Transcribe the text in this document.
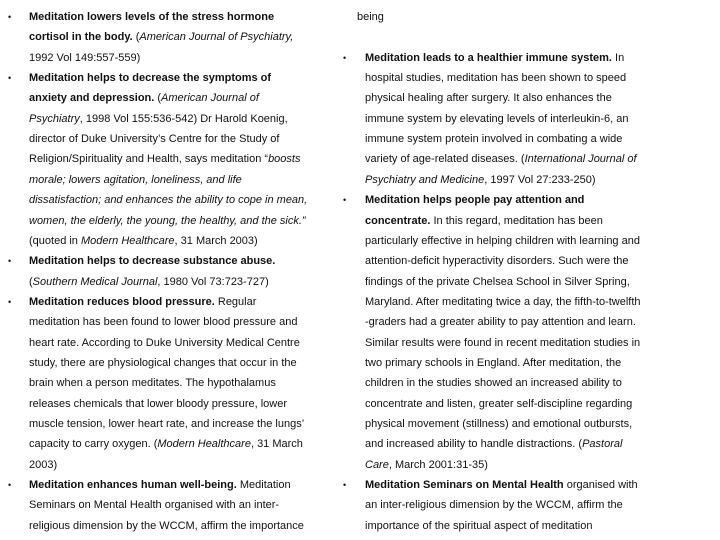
• Meditation lowers levels of the stress hormone
cortisol in the body. (American Journal of Psychiatry,
1992 Vol 149:557-559)
• Meditation helps to decrease the symptoms of
anxiety and depression. (American Journal of
Psychiatry, 1998 Vol 155:536-542) Dr Harold Koenig,
director of Duke University’s Centre for the Study of
Religion/Spirituality and Health, says meditation “boosts
morale; lowers agitation, loneliness, and life
dissatisfaction; and enhances the ability to cope in mean,
women, the elderly, the young, the healthy, and the sick.”
(quoted in Modern Healthcare, 31 March 2003)
• Meditation helps to decrease substance abuse.
(Southern Medical Journal, 1980 Vol 73:723-727)
• Meditation reduces blood pressure. Regular
meditation has been found to lower blood pressure and
heart rate. According to Duke University Medical Centre
study, there are physiological changes that occur in the
brain when a person meditates. The hypothalamus
releases chemicals that lower bloody pressure, lower
muscle tension, lower heart rate, and increase the lungs’
capacity to carry oxygen. (Modern Healthcare, 31 March
2003)
• Meditation enhances human well-being. Meditation
Seminars on Mental Health organised with an inter-
religious dimension by the WCCM, affirm the importance
being
• Meditation leads to a healthier immune system. In
hospital studies, meditation has been shown to speed
physical healing after surgery. It also enhances the
immune system by elevating levels of interleukin-6, an
immune system protein involved in combating a wide
variety of age-related diseases. (International Journal of
Psychiatry and Medicine, 1997 Vol 27:233-250)
• Meditation helps people pay attention and
concentrate. In this regard, meditation has been
particularly effective in helping children with learning and
attention-deficit hyperactivity disorders. Such were the
findings of the private Chelsea School in Silver Spring,
Maryland. After meditating twice a day, the fifth-to-twelfth
-graders had a greater ability to pay attention and learn.
Similar results were found in recent meditation studies in
two primary schools in England. After meditation, the
children in the studies showed an increased ability to
concentrate and listen, greater self-discipline regarding
physical movement (stillness) and emotional outbursts,
and increased ability to handle distractions. (Pastoral
Care, March 2001:31-35)
• Meditation Seminars on Mental Health organised with
an inter-religious dimension by the WCCM, affirm the
importance of the spiritual aspect of meditation
